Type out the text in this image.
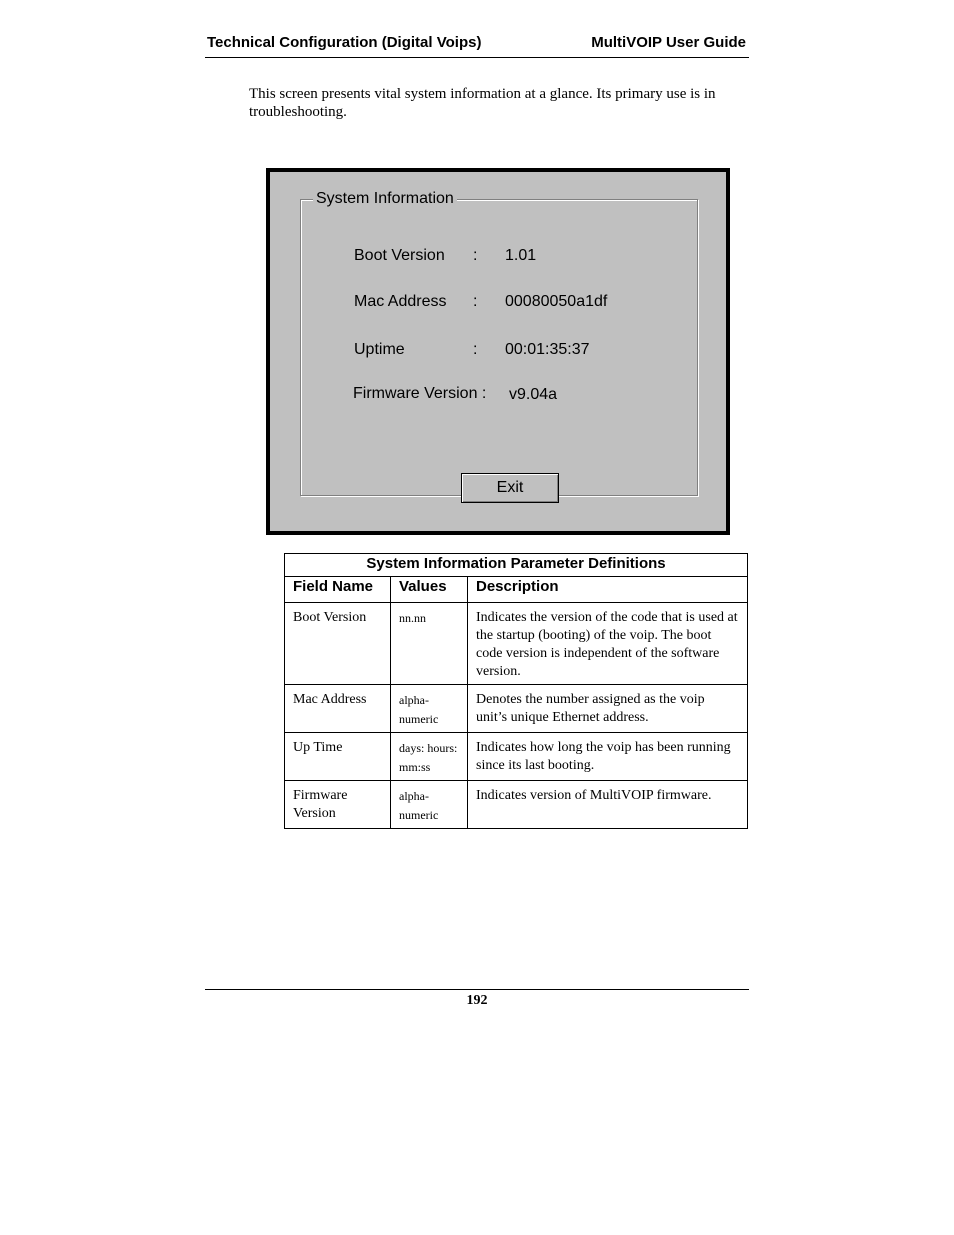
Technical Configuration (Digital Voips)	MultiVOIP User Guide
This screen presents vital system information at a glance. Its primary use is in troubleshooting.
System Information
Boot Version : 1.01
Mac Address : 00080050a1df
Uptime	: 00:01:35:37
Firmware Version : v9.04a
Exit
System Information Parameter Definitions		
Field Name	Values	Description
Boot Version	nn.nn	Indicates the version of the code that is used at the startup (booting) of the voip. The boot code version is independent of the software version.
Mac Address	alpha-numeric	Denotes the number assigned as the voip unit’s unique Ethernet address.
Up Time	days: hours: mm:ss	Indicates how long the voip has been running since its last booting.
Firmware Version	alpha-numeric	Indicates version of MultiVOIP firmware.
192
